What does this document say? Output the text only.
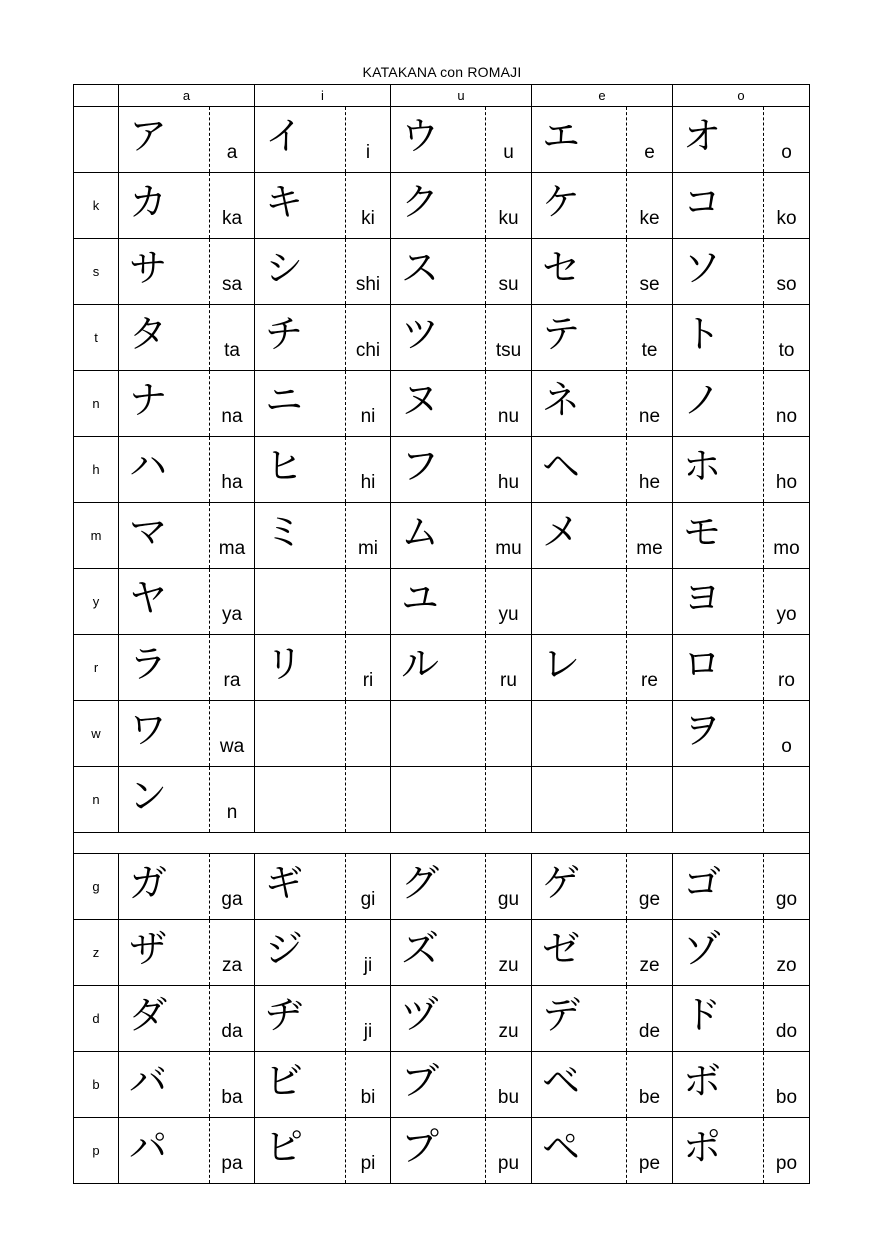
KATAKANA con ROMAJI
	a		i		u		e		o	

	ア	a	イ	i	ウ	u	エ	e	オ	o

k	カ	ka	キ	ki	ク	ku	ケ	ke	コ	ko

s	サ	sa	シ	shi	ス	su	セ	se	ソ	so

t	タ	ta	チ	chi	ツ	tsu	テ	te	ト	to

n	ナ	na	ニ	ni	ヌ	nu	ネ	ne	ノ	no

h	ハ	ha	ヒ	hi	フ	hu	ヘ	he	ホ	ho

m	マ	ma	ミ	mi	ム	mu	メ	me	モ	mo

y	ヤ	ya			ユ	yu			ヨ	yo

r	ラ	ra	リ	ri	ル	ru	レ	re	ロ	ro

w	ワ	wa							ヲ	o

n	ン	n								

g	ガ	ga	ギ	gi	グ	gu	ゲ	ge	ゴ	go

z	ザ	za	ジ	ji	ズ	zu	ゼ	ze	ゾ	zo

d	ダ	da	ヂ	ji	ヅ	zu	デ	de	ド	do

b	バ	ba	ビ	bi	ブ	bu	ベ	be	ボ	bo

p	パ	pa	ピ	pi	プ	pu	ペ	pe	ポ	po
